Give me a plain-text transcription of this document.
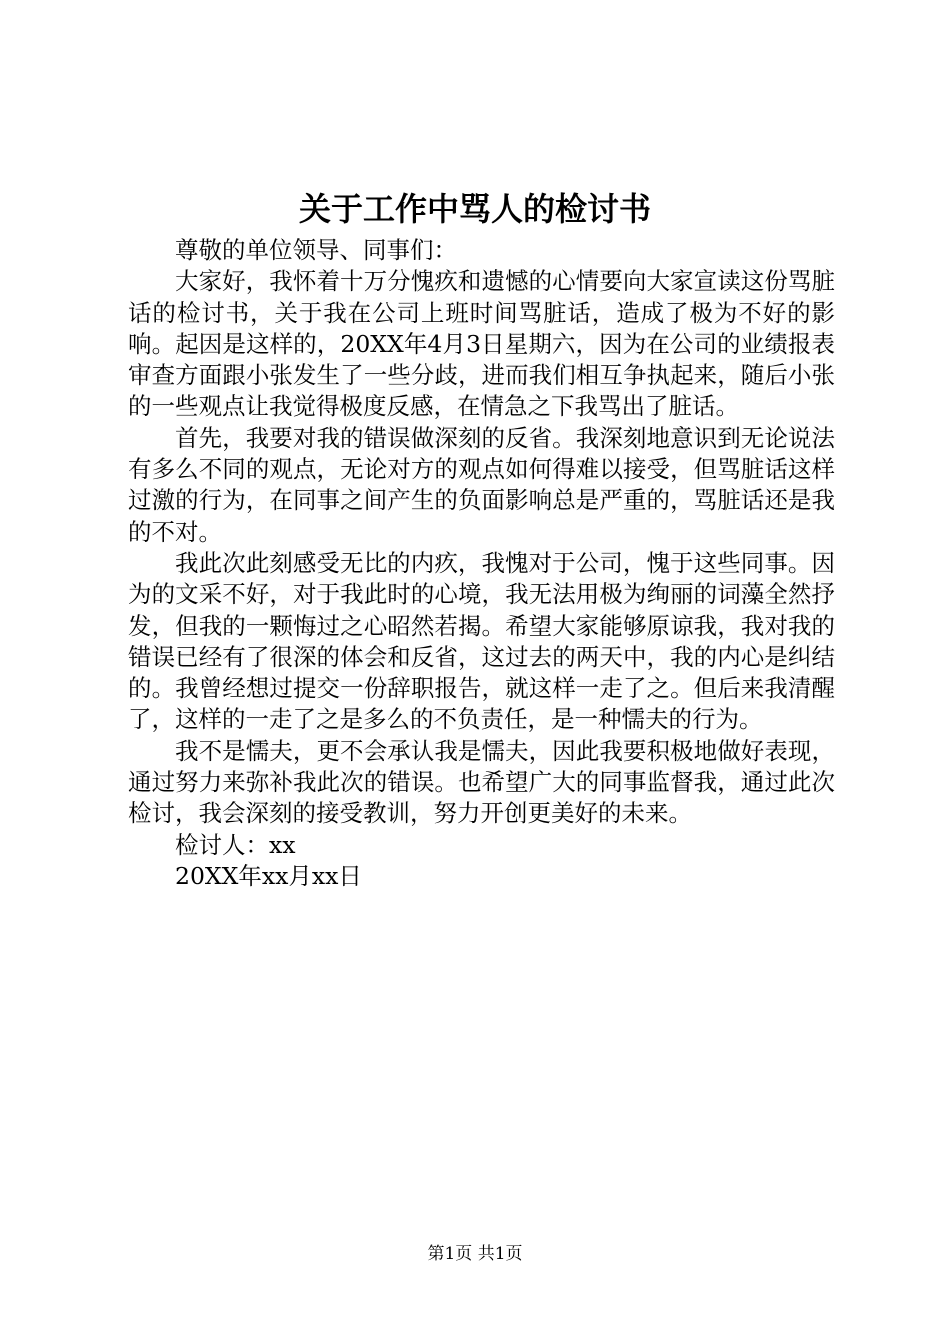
关于工作中骂人的检讨书

尊敬的单位领导、同事们：

大家好，我怀着十万分愧疚和遗憾的心情要向大家宣读这份骂脏话的检讨书，关于我在公司上班时间骂脏话，造成了极为不好的影响。起因是这样的，20XX年4月3日星期六，因为在公司的业绩报表审查方面跟小张发生了一些分歧，进而我们相互争执起来，随后小张的一些观点让我觉得极度反感，在情急之下我骂出了脏话。

首先，我要对我的错误做深刻的反省。我深刻地意识到无论说法有多么不同的观点，无论对方的观点如何得难以接受，但骂脏话这样过激的行为，在同事之间产生的负面影响总是严重的，骂脏话还是我的不对。

我此次此刻感受无比的内疚，我愧对于公司，愧于这些同事。因为的文采不好，对于我此时的心境，我无法用极为绚丽的词藻全然抒发，但我的一颗悔过之心昭然若揭。希望大家能够原谅我，我对我的错误已经有了很深的体会和反省，这过去的两天中，我的内心是纠结的。我曾经想过提交一份辞职报告，就这样一走了之。但后来我清醒了，这样的一走了之是多么的不负责任，是一种懦夫的行为。

我不是懦夫，更不会承认我是懦夫，因此我要积极地做好表现，通过努力来弥补我此次的错误。也希望广大的同事监督我，通过此次检讨，我会深刻的接受教训，努力开创更美好的未来。

检讨人：xx

20XX年xx月xx日

第1页 共1页
